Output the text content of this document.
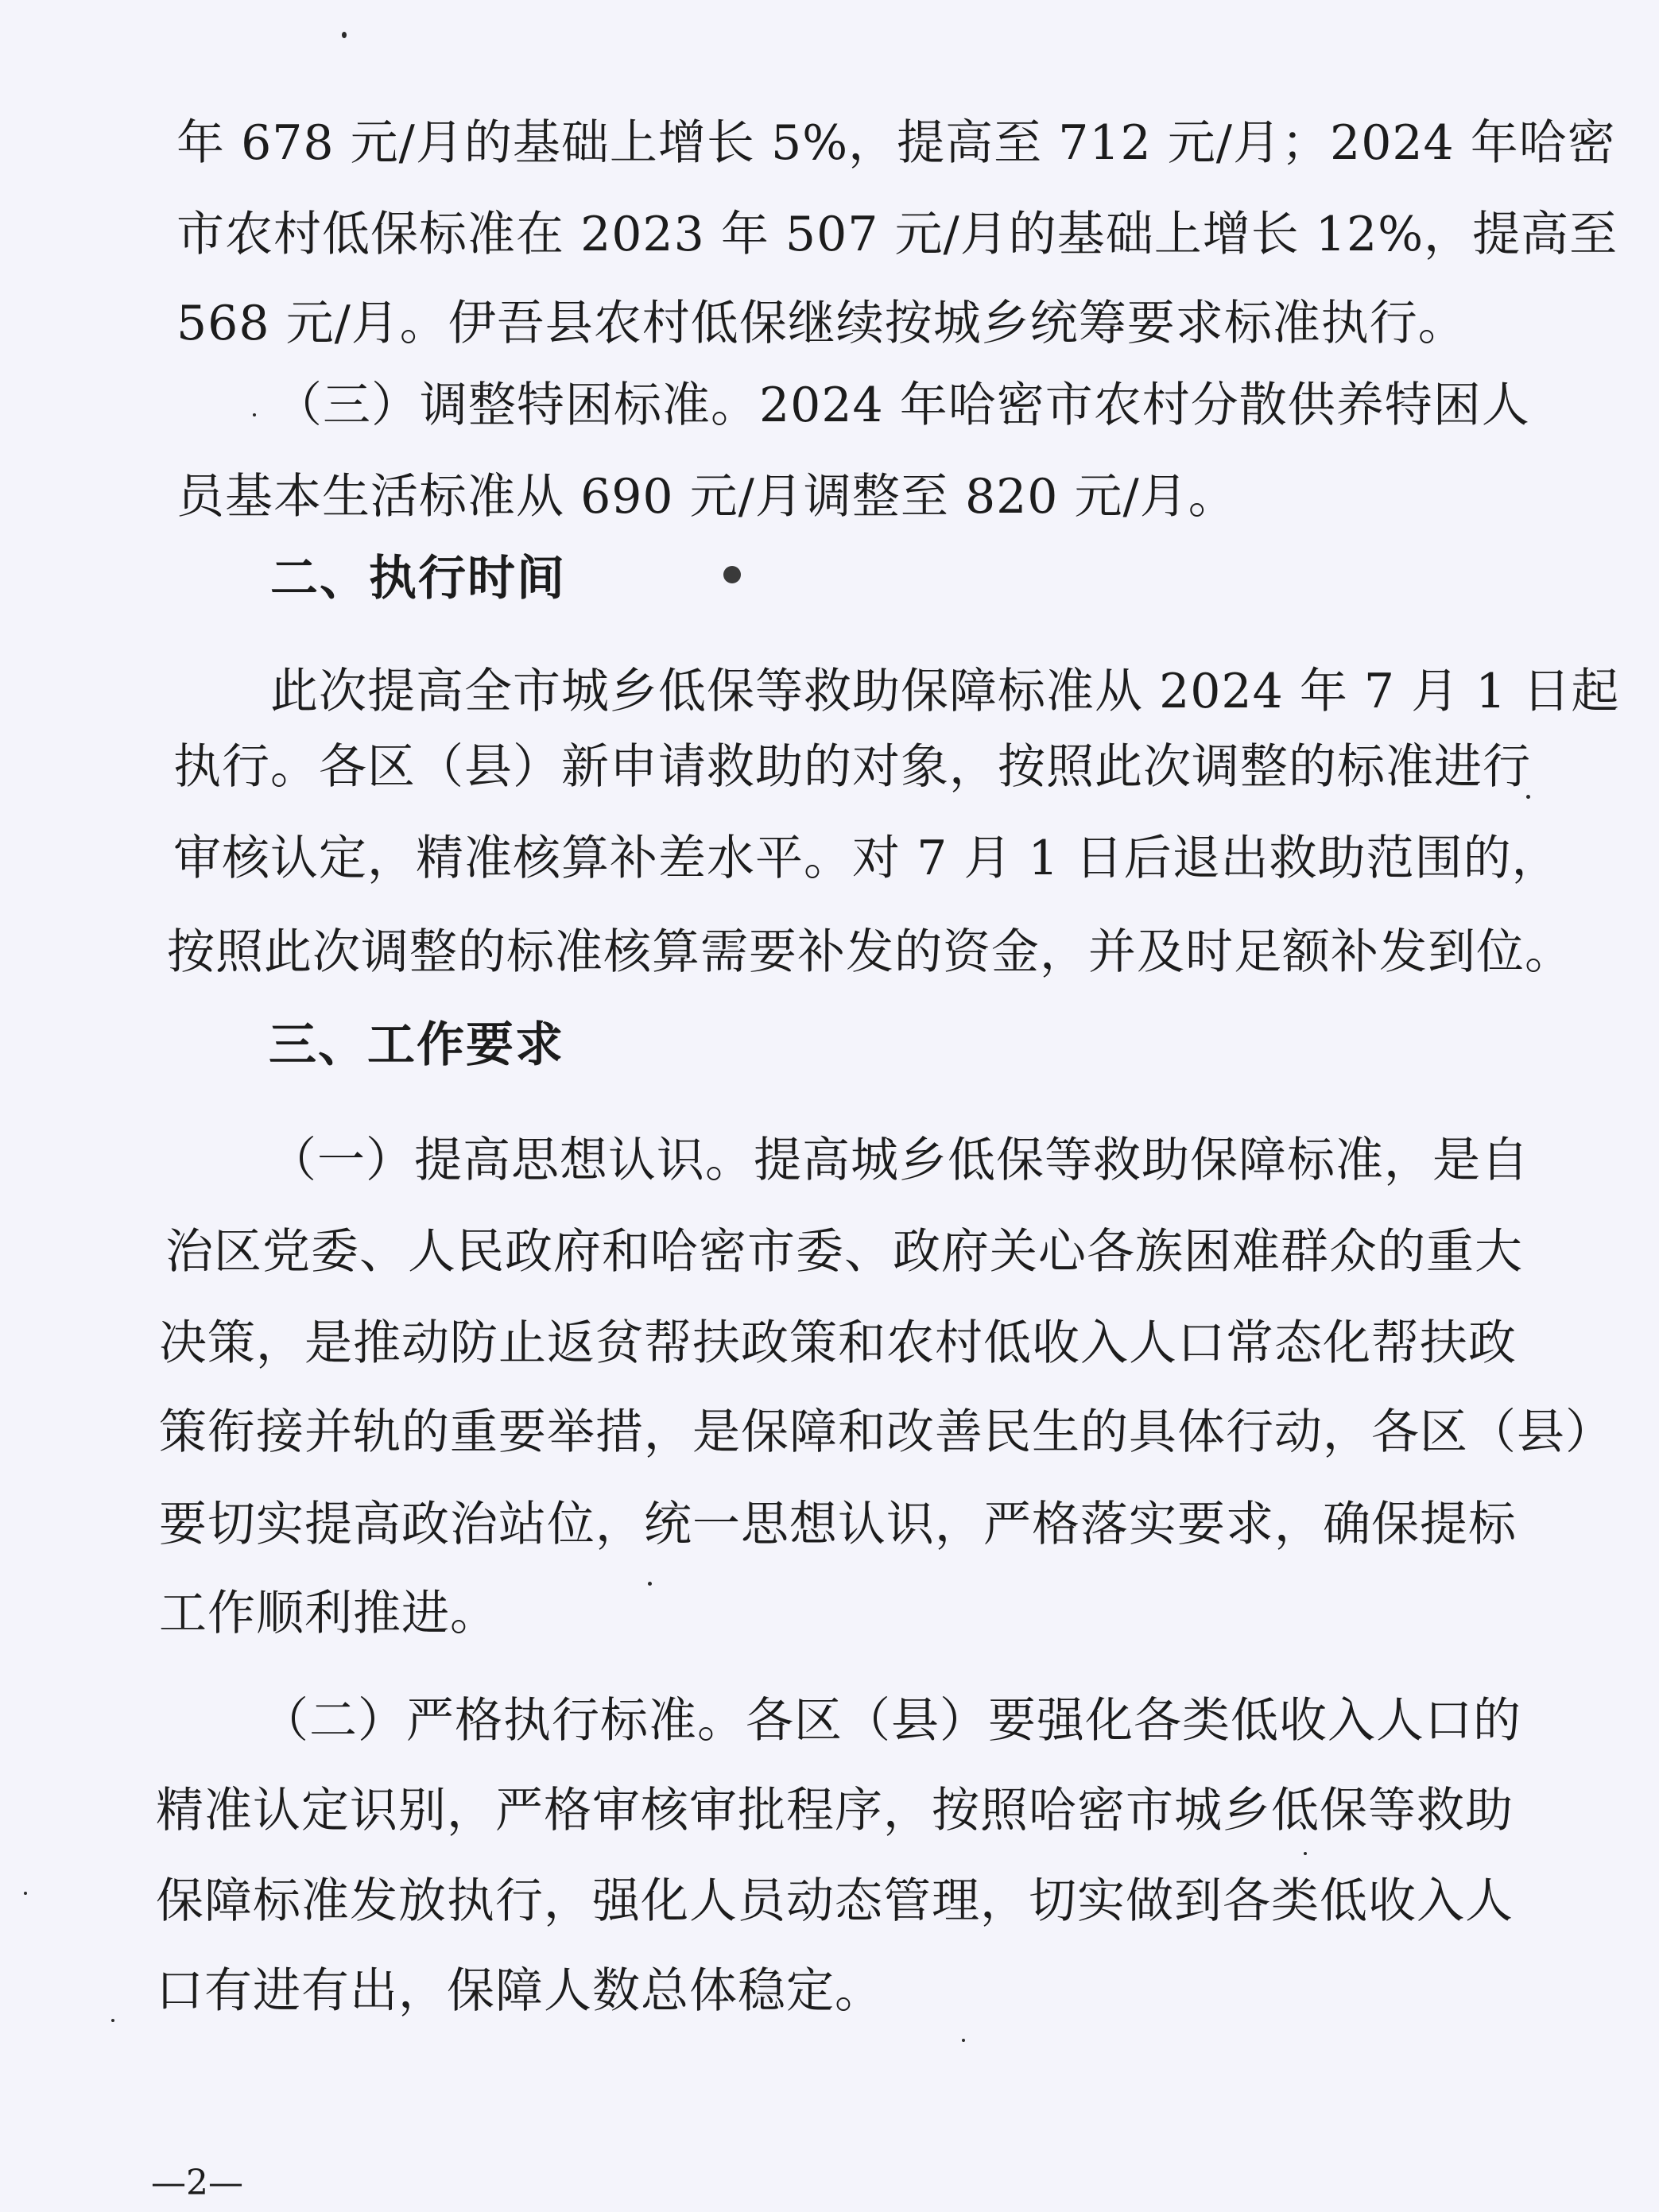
年 678 元/月的基础上增长 5%，提高至 712 元/月；2024 年哈密
市农村低保标准在 2023 年 507 元/月的基础上增长 12%，提高至
568 元/月。伊吾县农村低保继续按城乡统筹要求标准执行。
（三）调整特困标准。2024 年哈密市农村分散供养特困人
员基本生活标准从 690 元/月调整至 820 元/月。
二、执行时间
此次提高全市城乡低保等救助保障标准从 2024 年 7 月 1 日起
执行。各区（县）新申请救助的对象，按照此次调整的标准进行
审核认定，精准核算补差水平。对 7 月 1 日后退出救助范围的，
按照此次调整的标准核算需要补发的资金，并及时足额补发到位。
三、工作要求
（一）提高思想认识。提高城乡低保等救助保障标准，是自
治区党委、人民政府和哈密市委、政府关心各族困难群众的重大
决策，是推动防止返贫帮扶政策和农村低收入人口常态化帮扶政
策衔接并轨的重要举措，是保障和改善民生的具体行动，各区（县）
要切实提高政治站位，统一思想认识，严格落实要求，确保提标
工作顺利推进。
（二）严格执行标准。各区（县）要强化各类低收入人口的
精准认定识别，严格审核审批程序，按照哈密市城乡低保等救助
保障标准发放执行，强化人员动态管理，切实做到各类低收入人
口有进有出，保障人数总体稳定。
—2—
